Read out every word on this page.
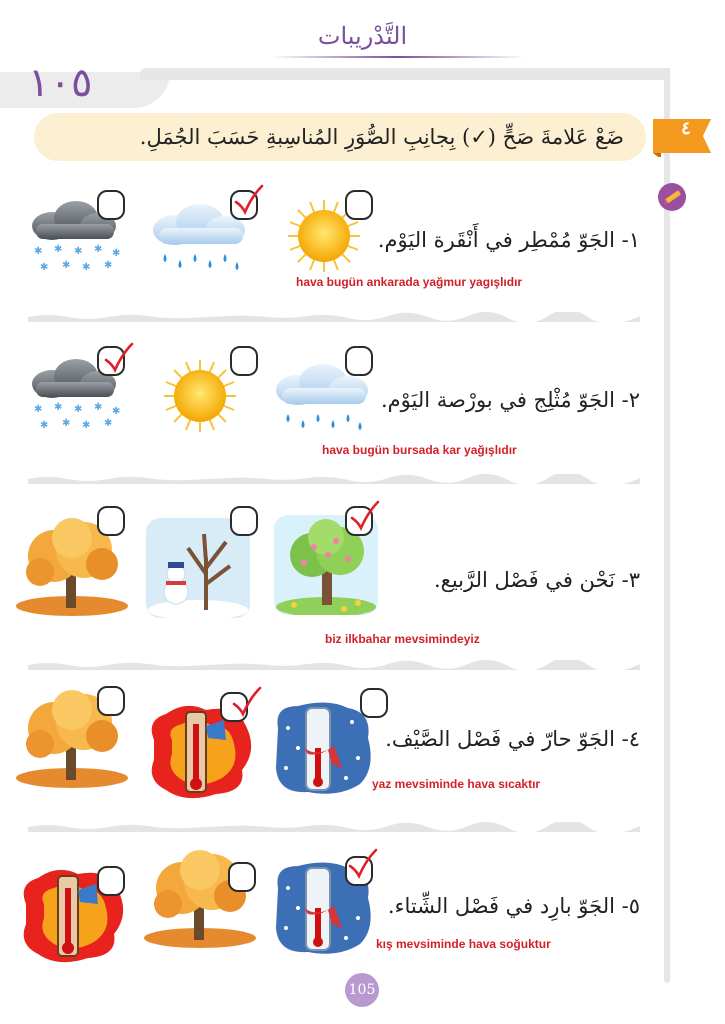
التَّدْريبات
١٠٥
ضَعْ عَلامةَ صَحٍّ (✓) بِجانِبِ الصُّوَرِ المُناسِبةِ حَسَبَ الجُمَلِ.	٤
١- الجَوّ مُمْطِر في أَنْقَرة اليَوْم.
hava bugün ankarada yağmur yagışlıdır
٢- الجَوّ مُثْلِج في بورْصة اليَوْم.
hava bugün bursada kar yağışlıdır
٣- نَحْن في فَصْل الرَّبيع.
biz ilkbahar mevsimindeyiz
٤- الجَوّ حارّ في فَصْل الصَّيْف.
yaz mevsiminde hava sıcaktır
٥- الجَوّ بارِد في فَصْل الشِّتاء.
kış mevsiminde hava soğuktur
105
